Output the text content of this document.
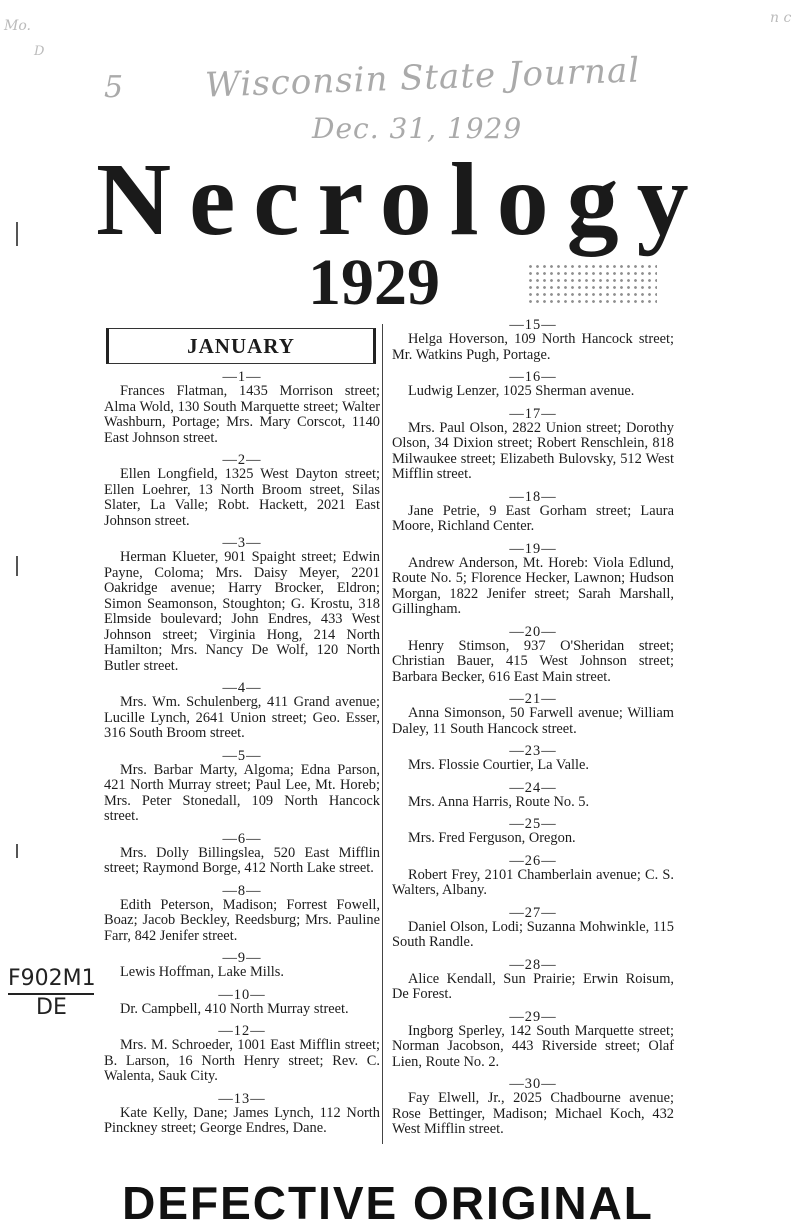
Mo.
D
n c
5 Wisconsin State Journal
Dec. 31, 1929
Necrology
1929
JANUARY
—1—
Frances Flatman, 1435 Morrison street; Alma Wold, 130 South Marquette street; Walter Washburn, Portage; Mrs. Mary Corscot, 1140 East Johnson street.
—2—
Ellen Longfield, 1325 West Dayton street; Ellen Loehrer, 13 North Broom street, Silas Slater, La Valle; Robt. Hackett, 2021 East Johnson street.
—3—
Herman Klueter, 901 Spaight street; Edwin Payne, Coloma; Mrs. Daisy Meyer, 2201 Oakridge avenue; Harry Brocker, Eldron; Simon Seamonson, Stoughton; G. Krostu, 318 Elmside boulevard; John Endres, 433 West Johnson street; Virginia Hong, 214 North Hamilton; Mrs. Nancy De Wolf, 120 North Butler street.
—4—
Mrs. Wm. Schulenberg, 411 Grand avenue; Lucille Lynch, 2641 Union street; Geo. Esser, 316 South Broom street.
—5—
Mrs. Barbar Marty, Algoma; Edna Parson, 421 North Murray street; Paul Lee, Mt. Horeb; Mrs. Peter Stonedall, 109 North Hancock street.
—6—
Mrs. Dolly Billingslea, 520 East Mifflin street; Raymond Borge, 412 North Lake street.
—8—
Edith Peterson, Madison; Forrest Fowell, Boaz; Jacob Beckley, Reedsburg; Mrs. Pauline Farr, 842 Jenifer street.
—9—
Lewis Hoffman, Lake Mills.
—10—
Dr. Campbell, 410 North Murray street.
—12—
Mrs. M. Schroeder, 1001 East Mifflin street; B. Larson, 16 North Henry street; Rev. C. Walenta, Sauk City.
—13—
Kate Kelly, Dane; James Lynch, 112 North Pinckney street; George Endres, Dane.
—15—
Helga Hoverson, 109 North Hancock street; Mr. Watkins Pugh, Portage.
—16—
Ludwig Lenzer, 1025 Sherman avenue.
—17—
Mrs. Paul Olson, 2822 Union street; Dorothy Olson, 34 Dixion street; Robert Renschlein, 818 Milwaukee street; Elizabeth Bulovsky, 512 West Mifflin street.
—18—
Jane Petrie, 9 East Gorham street; Laura Moore, Richland Center.
—19—
Andrew Anderson, Mt. Horeb: Viola Edlund, Route No. 5; Florence Hecker, Lawnon; Hudson Morgan, 1822 Jenifer street; Sarah Marshall, Gillingham.
—20—
Henry Stimson, 937 O'Sheridan street; Christian Bauer, 415 West Johnson street; Barbara Becker, 616 East Main street.
—21—
Anna Simonson, 50 Farwell avenue; William Daley, 11 South Hancock street.
—23—
Mrs. Flossie Courtier, La Valle.
—24—
Mrs. Anna Harris, Route No. 5.
—25—
Mrs. Fred Ferguson, Oregon.
—26—
Robert Frey, 2101 Chamberlain avenue; C. S. Walters, Albany.
—27—
Daniel Olson, Lodi; Suzanna Mohwinkle, 115 South Randle.
—28—
Alice Kendall, Sun Prairie; Erwin Roisum, De Forest.
—29—
Ingborg Sperley, 142 South Marquette street; Norman Jacobson, 443 Riverside street; Olaf Lien, Route No. 2.
—30—
Fay Elwell, Jr., 2025 Chadbourne avenue; Rose Bettinger, Madison; Michael Koch, 432 West Mifflin street.
F902M1
DE
DEFECTIVE ORIGINAL
